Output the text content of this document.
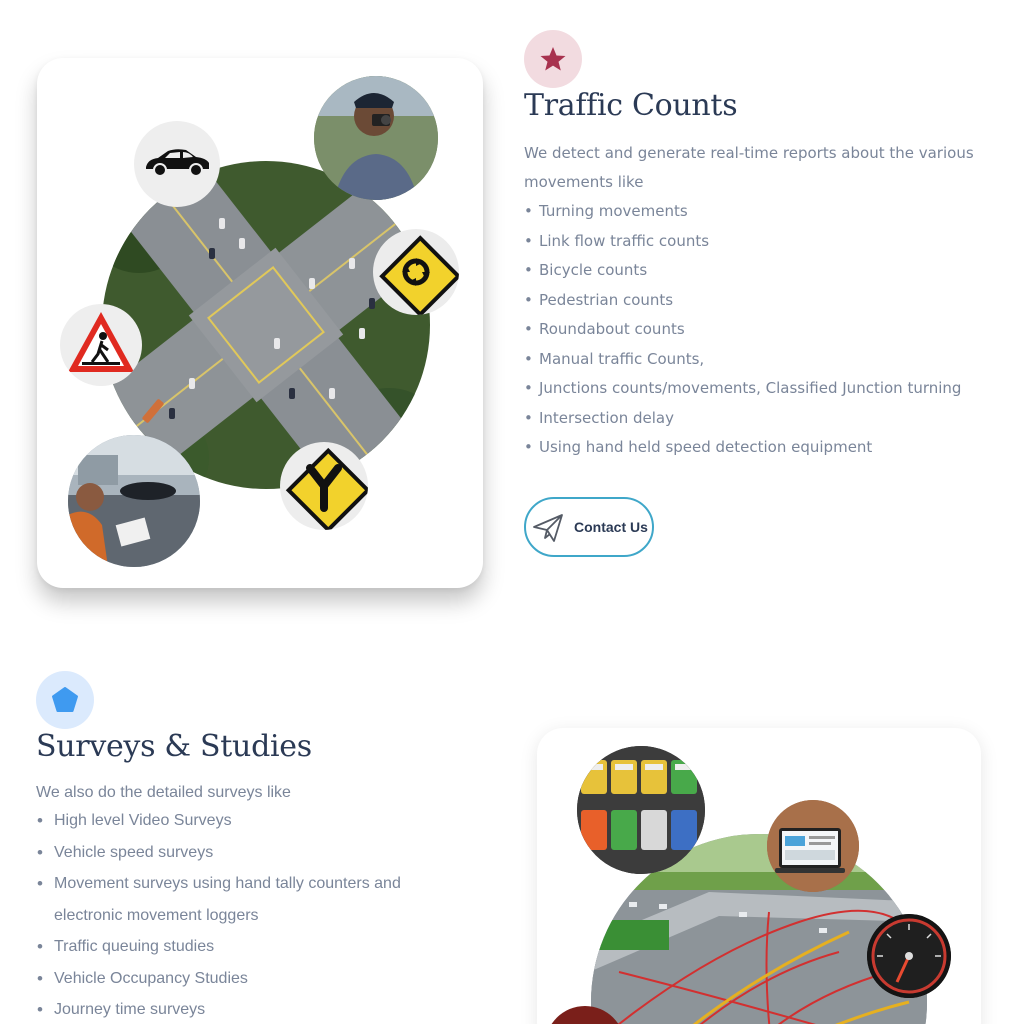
Traffic Counts

We detect and generate real-time reports about the various movements like

• Turning movements
• Link flow traffic counts
• Bicycle counts
• Pedestrian counts
• Roundabout counts
• Manual traffic Counts,
• Junctions counts/movements, Classified Junction turning
• Intersection delay
• Using hand held speed detection equipment
Contact Us
Surveys & Studies

We also do the detailed surveys like

• High level Video Surveys
• Vehicle speed surveys
• Movement surveys using hand tally counters and
electronic movement loggers
• Traffic queuing studies
• Vehicle Occupancy Studies
• Journey time surveys
